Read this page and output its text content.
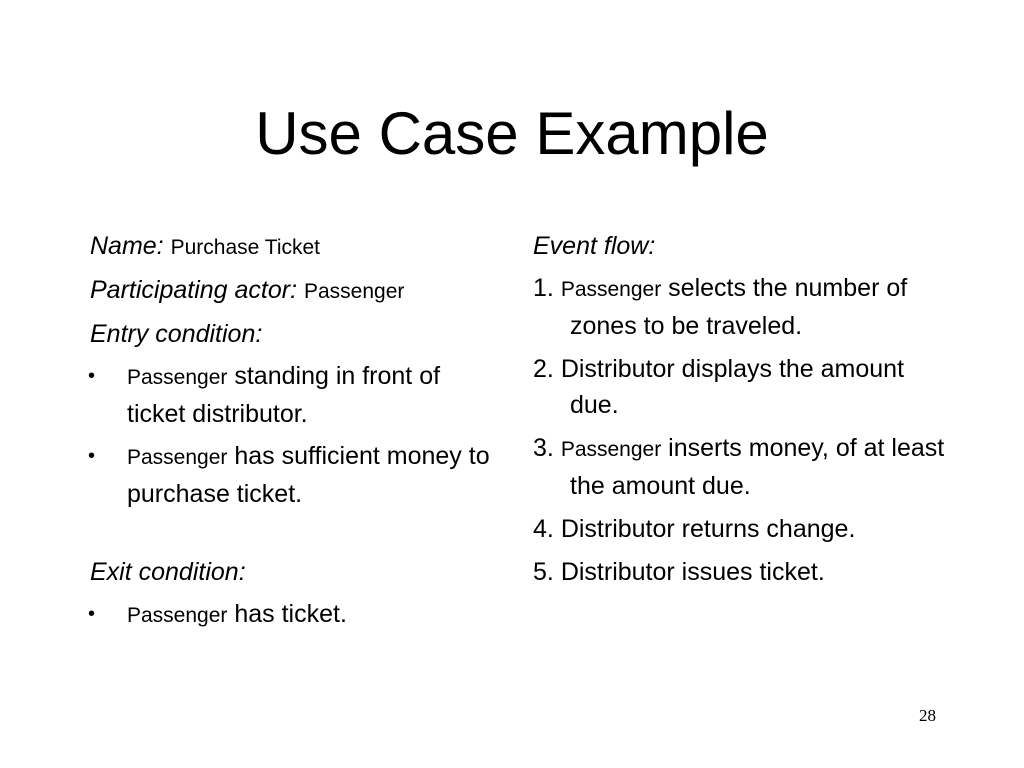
Use Case Example
Name: Purchase Ticket
Participating actor: Passenger
Entry condition:
• Passenger standing in front of ticket distributor.
• Passenger has sufficient money to purchase ticket.
Exit condition:
• Passenger has ticket.
Event flow:
1. Passenger selects the number of zones to be traveled.
2. Distributor displays the amount due.
3. Passenger inserts money, of at least the amount due.
4. Distributor returns change.
5. Distributor issues ticket.
28
